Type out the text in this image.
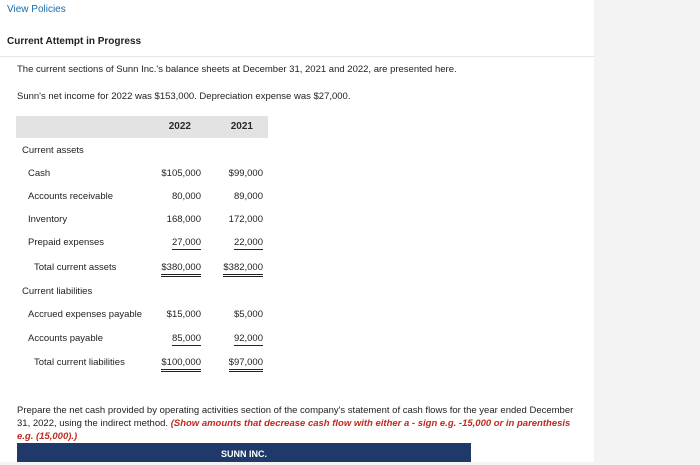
View Policies
Current Attempt in Progress
The current sections of Sunn Inc.'s balance sheets at December 31, 2021 and 2022, are presented here.
Sunn's net income for 2022 was $153,000. Depreciation expense was $27,000.
2022	2021
Current assets
Cash	$105,000	$99,000
Accounts receivable	80,000	89,000
Inventory	168,000	172,000
Prepaid expenses	27,000	22,000
Total current assets	$380,000	$382,000
Current liabilities
Accrued expenses payable	$15,000	$5,000
Accounts payable	85,000	92,000
Total current liabilities	$100,000	$97,000
Prepare the net cash provided by operating activities section of the company's statement of cash flows for the year ended December 31, 2022, using the indirect method. (Show amounts that decrease cash flow with either a - sign e.g. -15,000 or in parenthesis e.g. (15,000).)
SUNN INC.
